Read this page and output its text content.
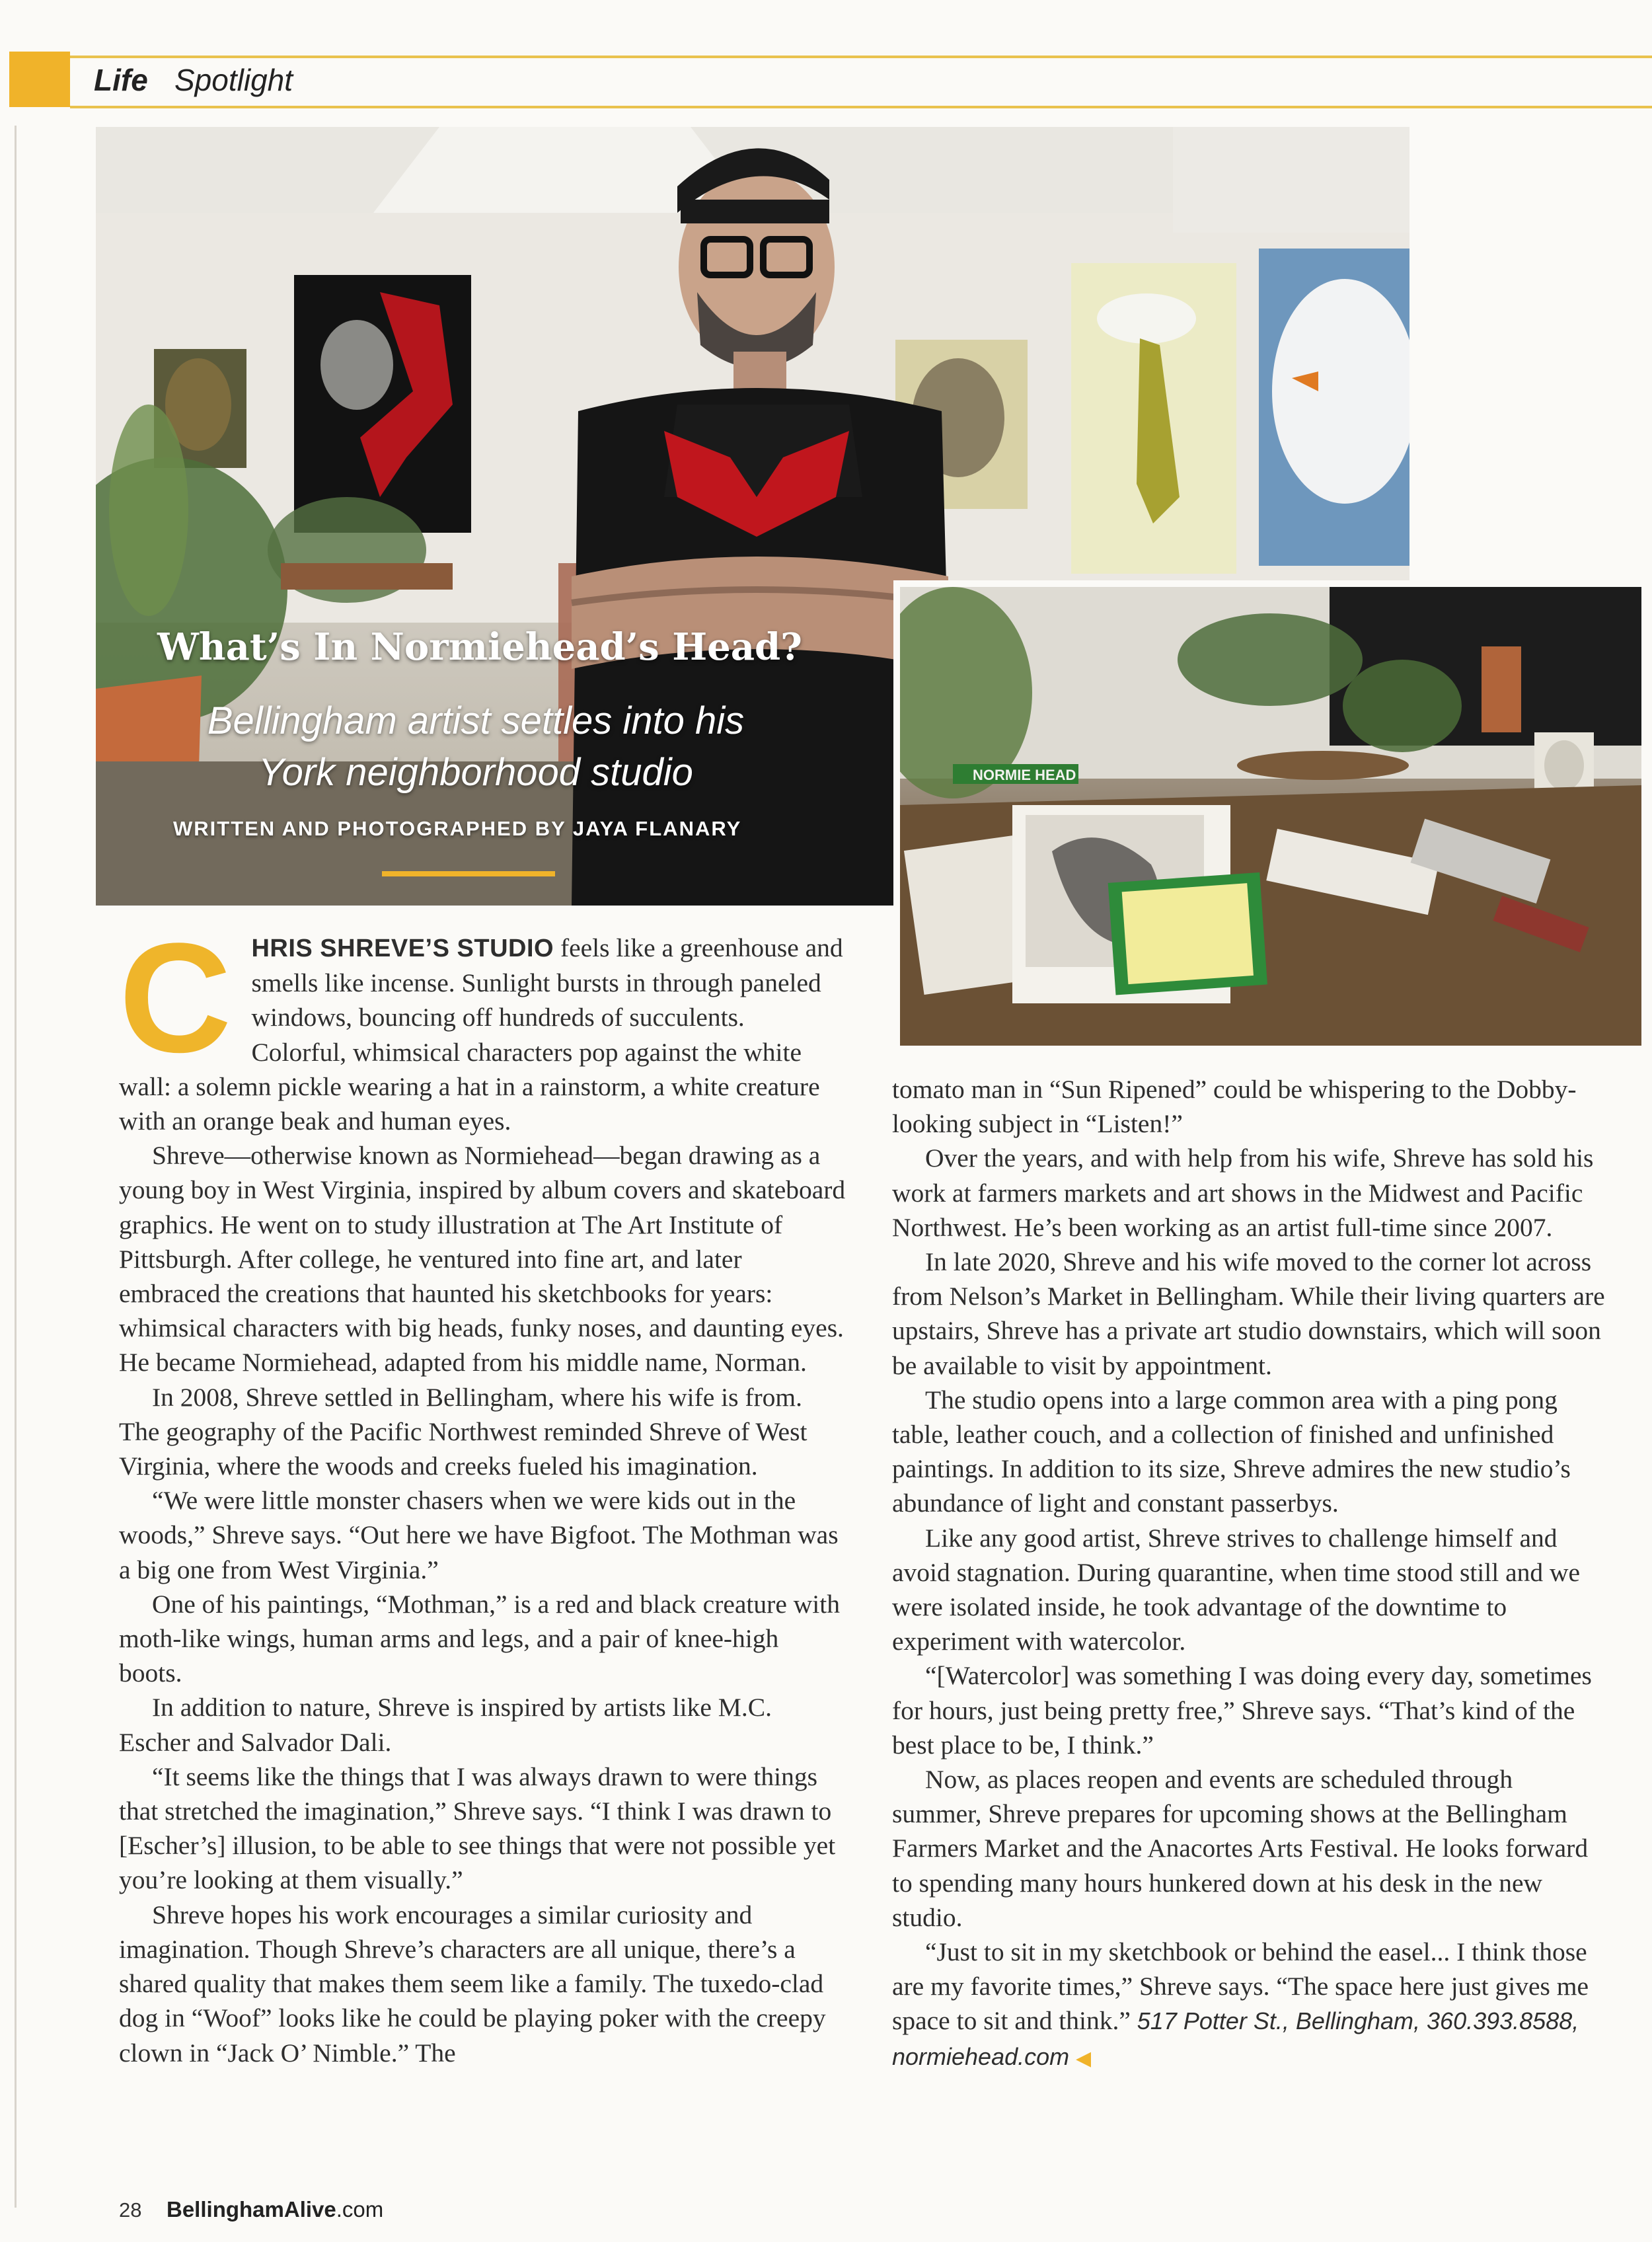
Life Spotlight
What’s In Normiehead’s Head?
Bellingham artist settles into his
York neighborhood studio
WRITTEN AND PHOTOGRAPHED BY JAYA FLANARY
NORMIE HEAD

CHRIS SHREVE’S STUDIO feels like a greenhouse and smells like incense. Sunlight bursts in through paneled windows, bouncing off hundreds of succulents. Colorful, whimsical characters pop against the white wall: a solemn pickle wearing a hat in a rainstorm, a white creature with an orange beak and human eyes.

Shreve—otherwise known as Normiehead—began drawing as a young boy in West Virginia, inspired by album covers and skateboard graphics. He went on to study illustration at The Art Institute of Pittsburgh. After college, he ventured into fine art, and later embraced the creations that haunted his sketchbooks for years: whimsical characters with big heads, funky noses, and daunting eyes. He became Normiehead, adapted from his middle name, Norman.

In 2008, Shreve settled in Bellingham, where his wife is from. The geography of the Pacific Northwest reminded Shreve of West Virginia, where the woods and creeks fueled his imagination.

“We were little monster chasers when we were kids out in the woods,” Shreve says. “Out here we have Bigfoot. The Mothman was a big one from West Virginia.”

One of his paintings, “Mothman,” is a red and black creature with moth-like wings, human arms and legs, and a pair of knee-high boots.

In addition to nature, Shreve is inspired by artists like M.C. Escher and Salvador Dali.

“It seems like the things that I was always drawn to were things that stretched the imagination,” Shreve says. “I think I was drawn to [Escher’s] illusion, to be able to see things that were not possible yet you’re looking at them visually.”

Shreve hopes his work encourages a similar curiosity and imagination. Though Shreve’s characters are all unique, there’s a shared quality that makes them seem like a family. The tuxedo-clad dog in “Woof” looks like he could be playing poker with the creepy clown in “Jack O’ Nimble.” The

tomato man in “Sun Ripened” could be whispering to the Dobby-looking subject in “Listen!”

Over the years, and with help from his wife, Shreve has sold his work at farmers markets and art shows in the Midwest and Pacific Northwest. He’s been working as an artist full-time since 2007.

In late 2020, Shreve and his wife moved to the corner lot across from Nelson’s Market in Bellingham. While their living quarters are upstairs, Shreve has a private art studio downstairs, which will soon be available to visit by appointment.

The studio opens into a large common area with a ping pong table, leather couch, and a collection of finished and unfinished paintings. In addition to its size, Shreve admires the new studio’s abundance of light and constant passerbys.

Like any good artist, Shreve strives to challenge himself and avoid stagnation. During quarantine, when time stood still and we were isolated inside, he took advantage of the downtime to experiment with watercolor.

“[Watercolor] was something I was doing every day, sometimes for hours, just being pretty free,” Shreve says. “That’s kind of the best place to be, I think.”

Now, as places reopen and events are scheduled through summer, Shreve prepares for upcoming shows at the Bellingham Farmers Market and the Anacortes Arts Festival. He looks forward to spending many hours hunkered down at his desk in the new studio.

“Just to sit in my sketchbook or behind the easel... I think those are my favorite times,” Shreve says. “The space here just gives me space to sit and think.” 517 Potter St., Bellingham, 360.393.8588, normiehead.com ◀

28 BellinghamAlive.com
